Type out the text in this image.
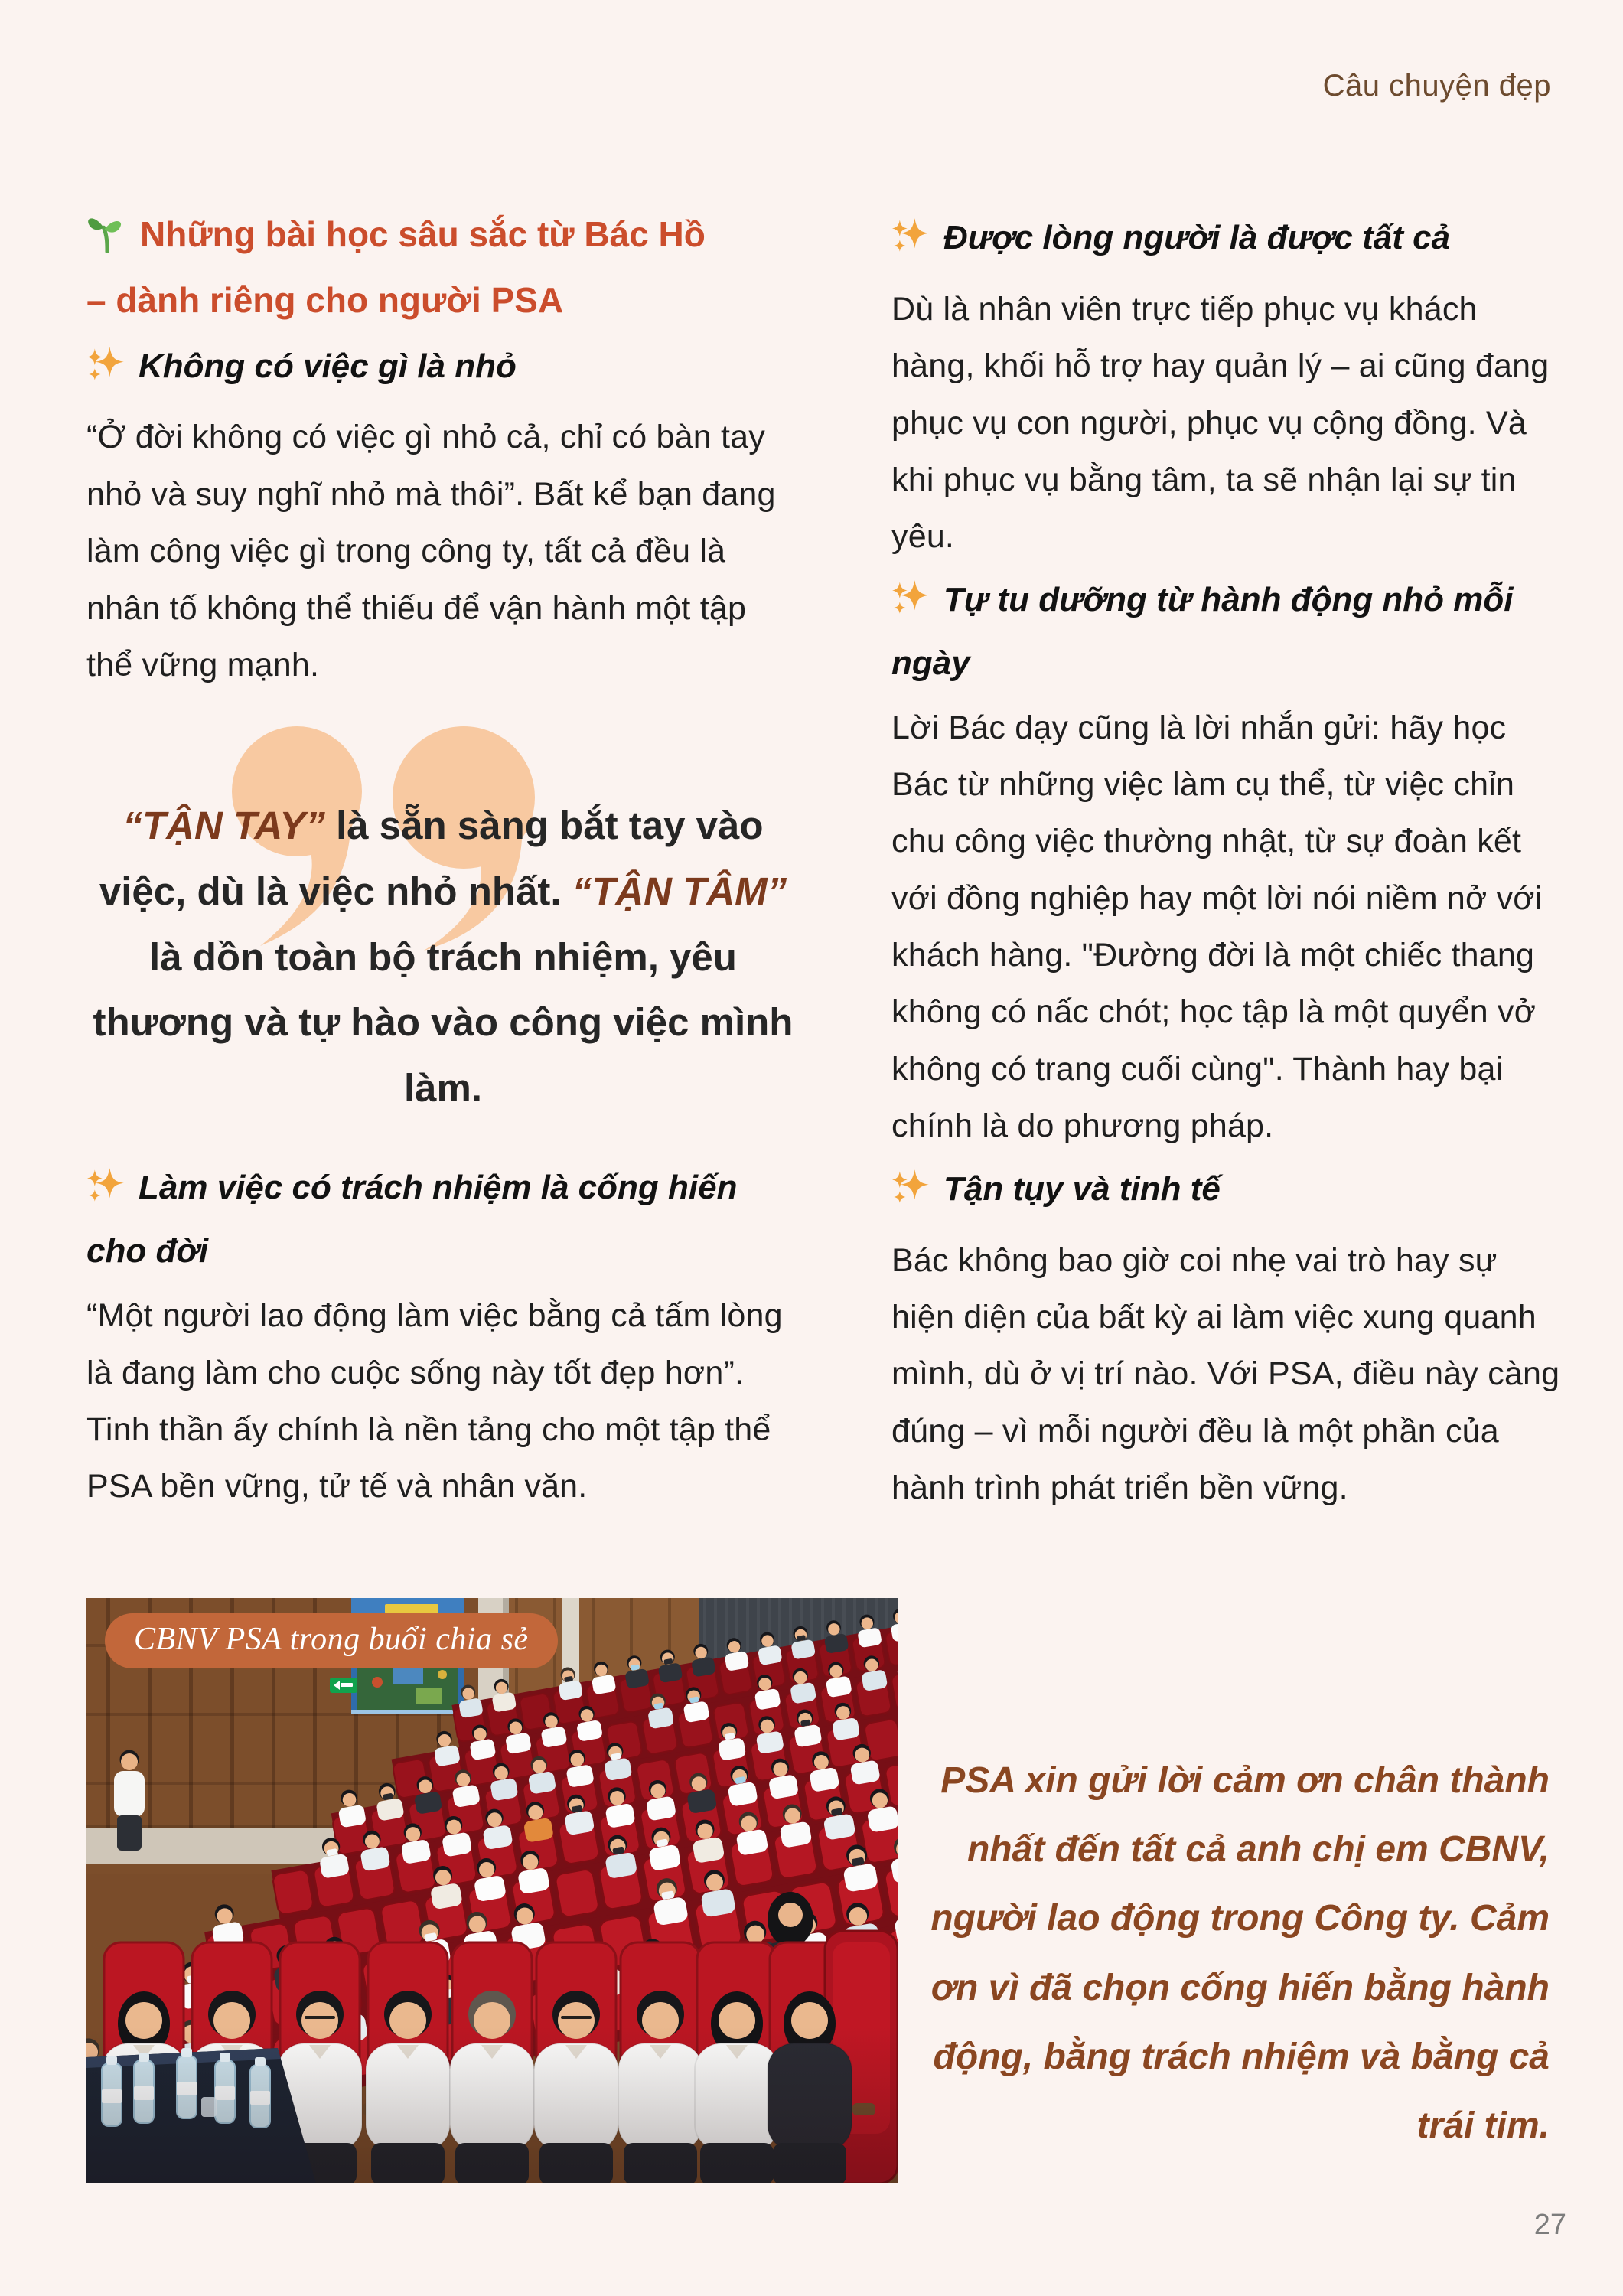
Câu chuyện đẹp
Những bài học sâu sắc từ Bác Hồ
– dành riêng cho người PSA
Không có việc gì là nhỏ

“Ở đời không có việc gì nhỏ cả, chỉ có bàn tay nhỏ và suy nghĩ nhỏ mà thôi”. Bất kể bạn đang làm công việc gì trong công ty, tất cả đều là nhân tố không thể thiếu để vận hành một tập thể vững mạnh.

“TẬN TAY” là sẵn sàng bắt tay vào việc, dù là việc nhỏ nhất. “TẬN TÂM” là dồn toàn bộ trách nhiệm, yêu thương và tự hào vào công việc mình làm.
Làm việc có trách nhiệm là cống hiến cho đời

“Một người lao động làm việc bằng cả tấm lòng là đang làm cho cuộc sống này tốt đẹp hơn”. Tinh thần ấy chính là nền tảng cho một tập thể PSA bền vững, tử tế và nhân văn.

Được lòng người là được tất cả

Dù là nhân viên trực tiếp phục vụ khách hàng, khối hỗ trợ hay quản lý – ai cũng đang phục vụ con người, phục vụ cộng đồng. Và khi phục vụ bằng tâm, ta sẽ nhận lại sự tin yêu.

Tự tu dưỡng từ hành động nhỏ mỗi ngày

Lời Bác dạy cũng là lời nhắn gửi: hãy học Bác từ những việc làm cụ thể, từ việc chỉn chu công việc thường nhật, từ sự đoàn kết với đồng nghiệp hay một lời nói niềm nở với khách hàng. "Đường đời là một chiếc thang không có nấc chót; học tập là một quyển vở không có trang cuối cùng". Thành hay bại chính là do phương pháp.

Tận tụy và tinh tế

Bác không bao giờ coi nhẹ vai trò hay sự hiện diện của bất kỳ ai làm việc xung quanh mình, dù ở vị trí nào. Với PSA, điều này càng đúng – vì mỗi người đều là một phần của hành trình phát triển bền vững.

CBNV PSA trong buổi chia sẻ
PSA xin gửi lời cảm ơn chân thành nhất đến tất cả anh chị em CBNV, người lao động trong Công ty. Cảm ơn vì đã chọn cống hiến bằng hành động, bằng trách nhiệm và bằng cả trái tim.
27
